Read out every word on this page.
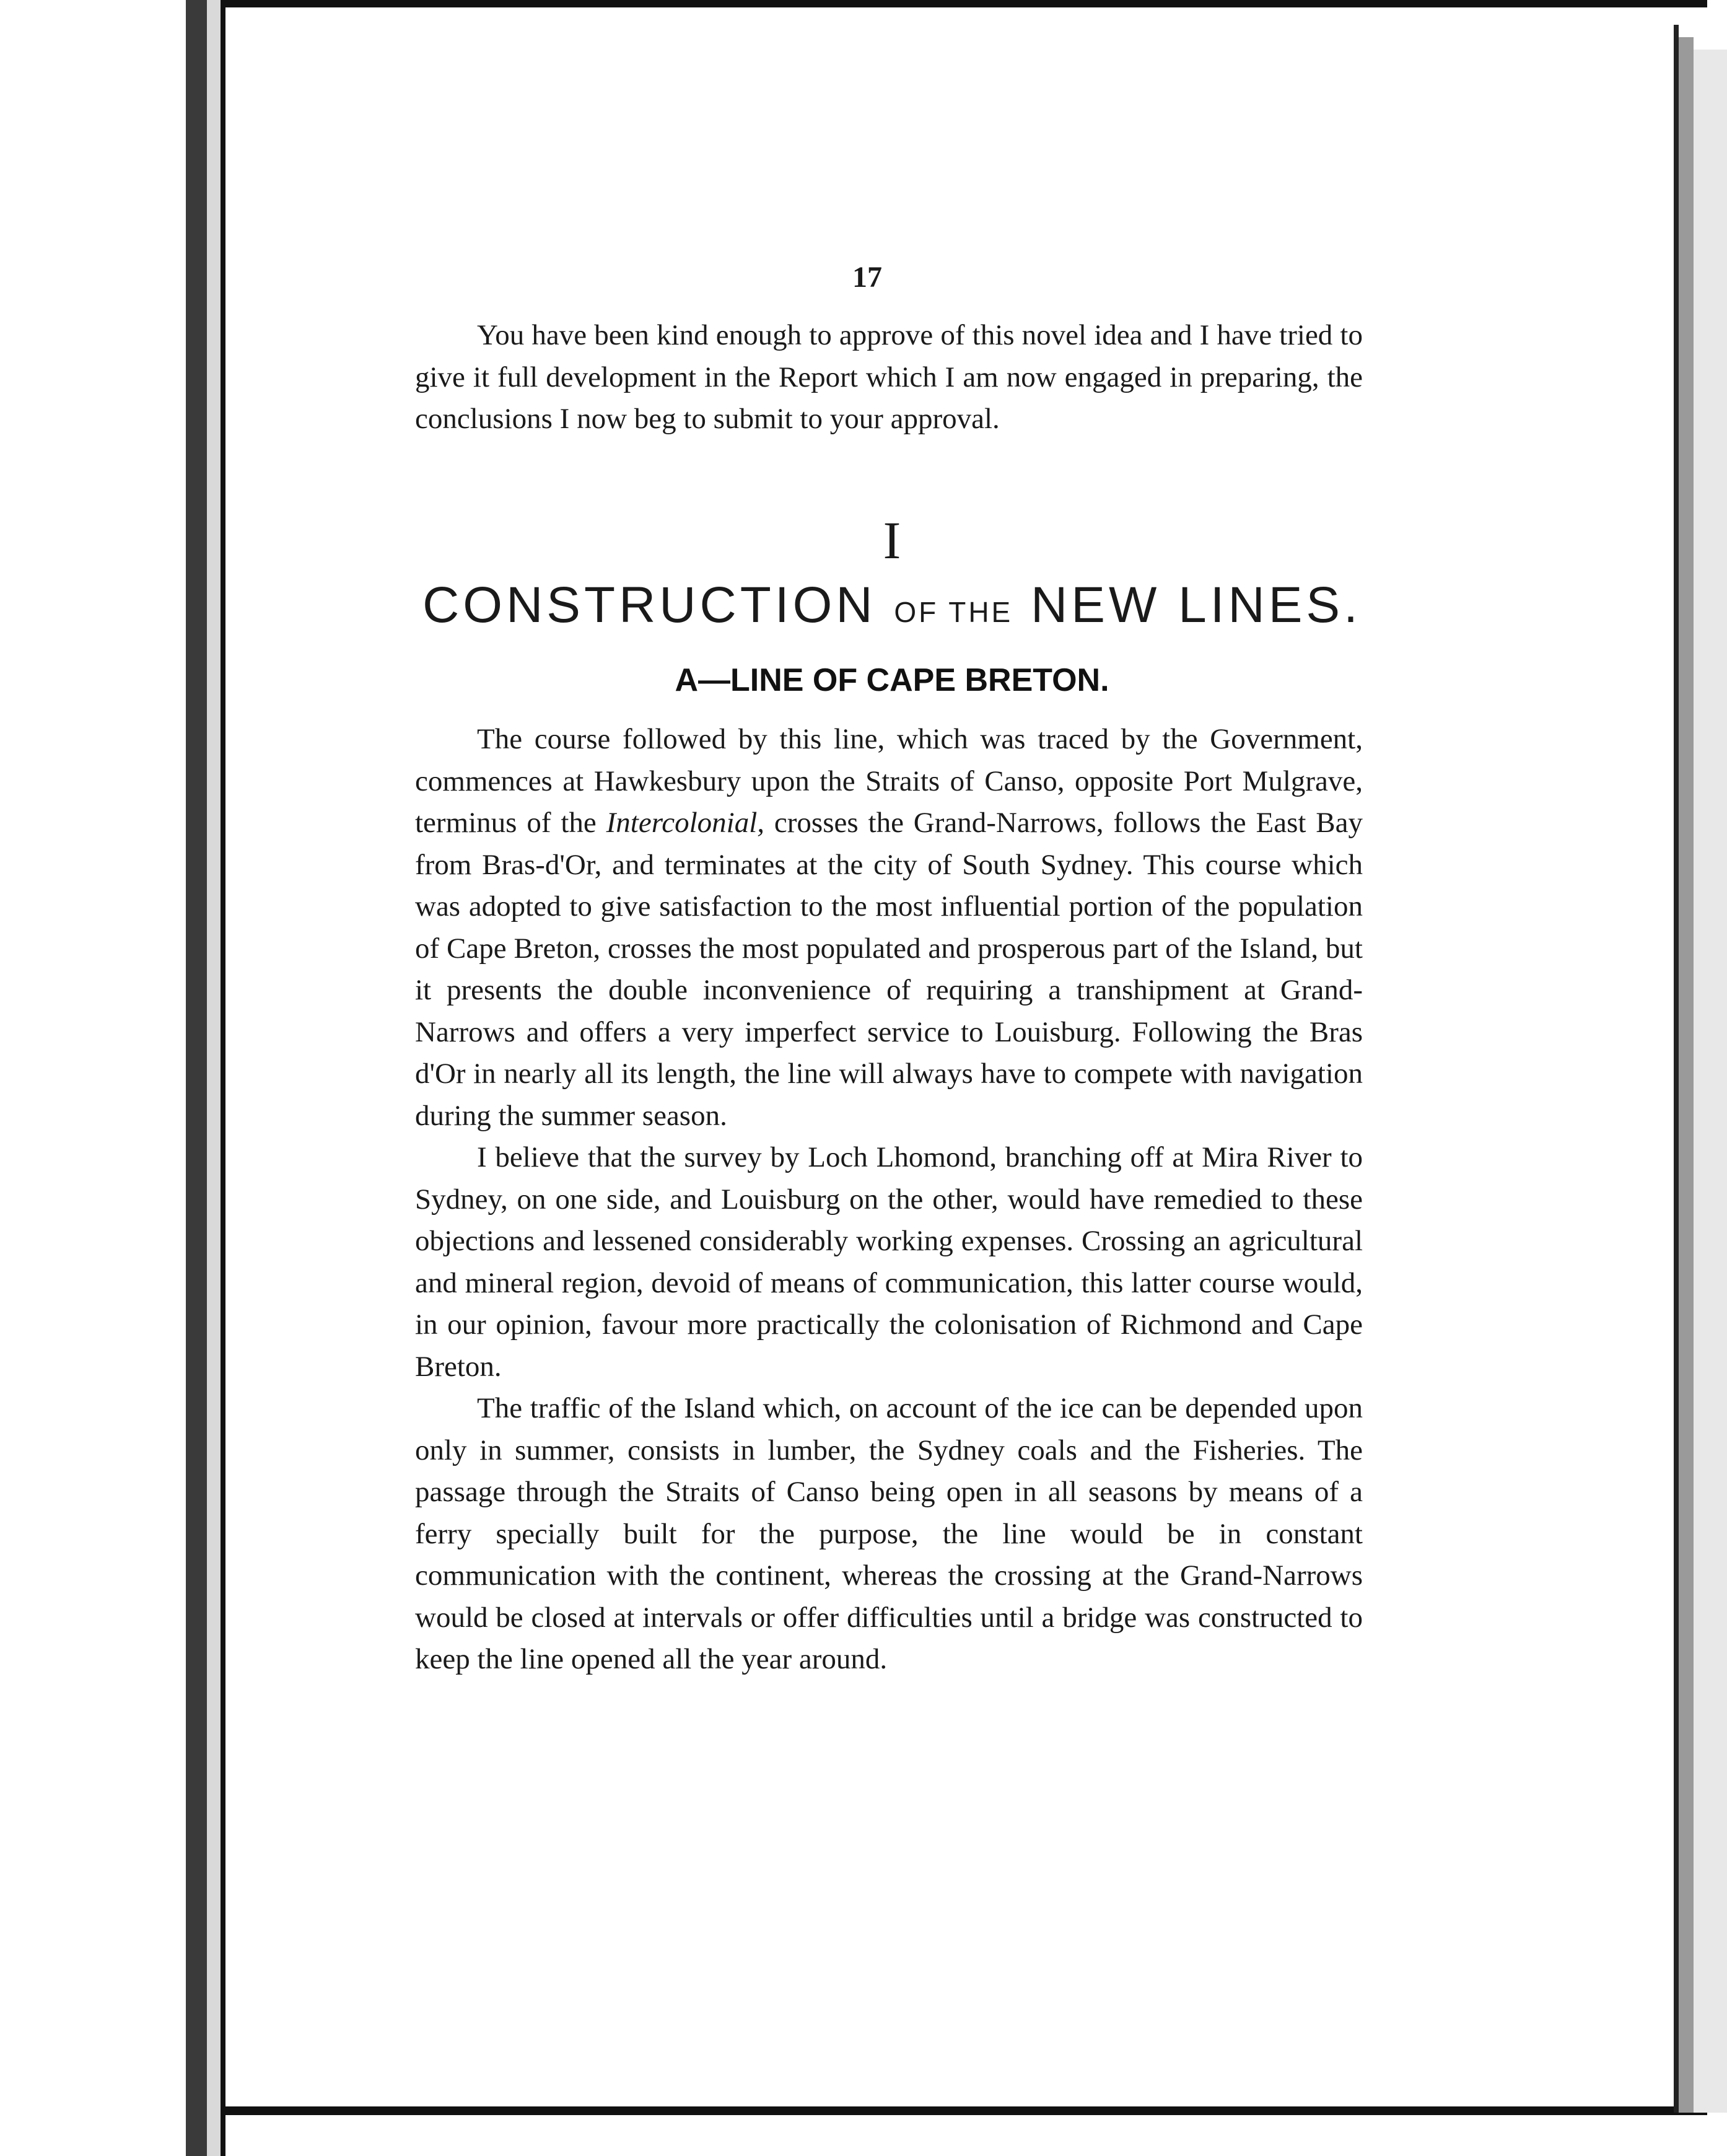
17

You have been kind enough to approve of this novel idea and I have tried to give it full development in the Report which I am now engaged in preparing, the conclusions I now beg to submit to your approval.

I
CONSTRUCTION OF THE NEW LINES.
A—LINE OF CAPE BRETON.

The course followed by this line, which was traced by the Government, commences at Hawkesbury upon the Straits of Canso, opposite Port Mulgrave, terminus of the Intercolonial, crosses the Grand-Narrows, follows the East Bay from Bras-d'Or, and terminates at the city of South Sydney. This course which was adopted to give satisfaction to the most influential portion of the population of Cape Breton, crosses the most populated and prosperous part of the Island, but it presents the double inconvenience of requiring a transhipment at Grand-Narrows and offers a very imperfect service to Louisburg. Following the Bras d'Or in nearly all its length, the line will always have to compete with navigation during the summer season.

I believe that the survey by Loch Lhomond, branching off at Mira River to Sydney, on one side, and Louisburg on the other, would have remedied to these objections and lessened considerably working expenses. Crossing an agricultural and mineral region, devoid of means of communication, this latter course would, in our opinion, favour more practically the colonisation of Richmond and Cape Breton.

The traffic of the Island which, on account of the ice can be depended upon only in summer, consists in lumber, the Sydney coals and the Fisheries. The passage through the Straits of Canso being open in all seasons by means of a ferry specially built for the purpose, the line would be in constant communication with the continent, whereas the crossing at the Grand-Narrows would be closed at intervals or offer difficulties until a bridge was constructed to keep the line opened all the year around.
